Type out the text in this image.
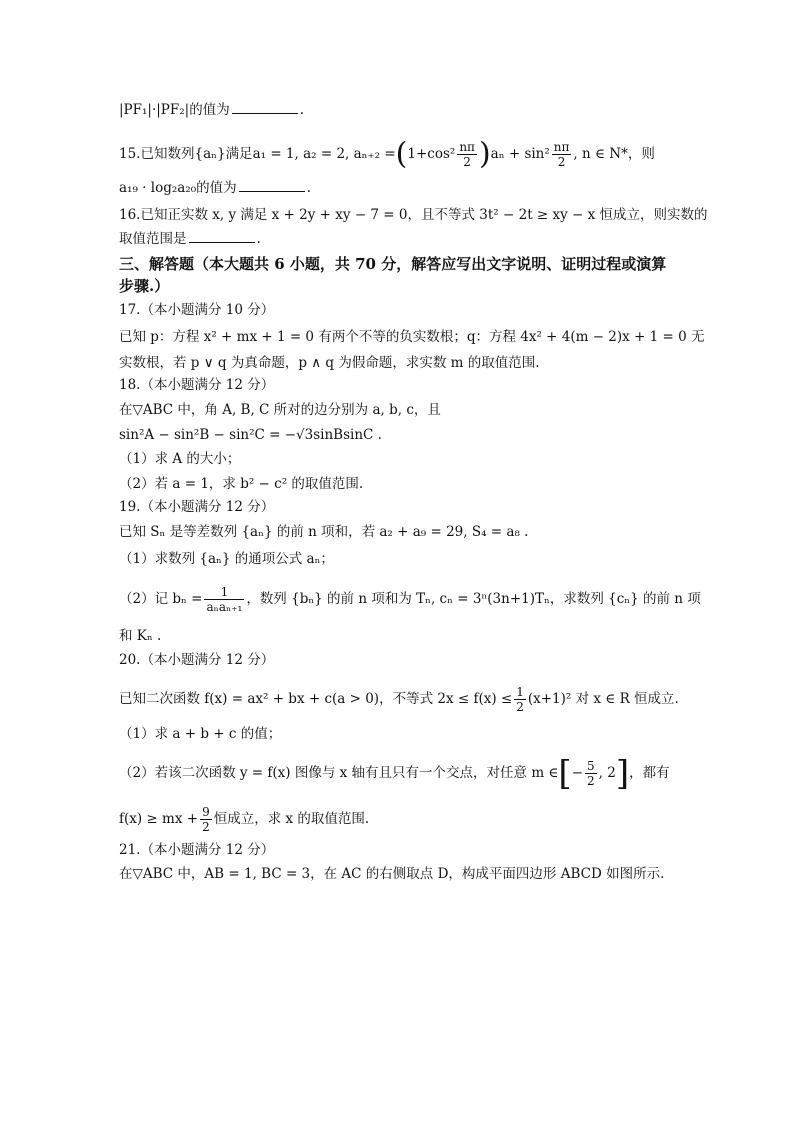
|PF₁|·|PF₂|的值为	.
15.已知数列{aₙ}满足a₁ = 1, a₂ = 2, $a_{n+2} =(1+\cos^2 \frac{n\pi}{2} )a_n + \sin^2 \frac{n\pi}{2}$ , n ∈ N*，则
a₁₉ · log₂a₂₀的值为	.
16.已知正实数 x, y 满足 x + 2y + xy − 7 = 0，且不等式 3t² − 2t ≥ xy − x 恒成立，则实数的
取值范围是	.
三、解答题（本大题共 6 小题，共 70 分，解答应写出文字说明、证明过程或演算
步骤.）
17.（本小题满分 10 分）
已知 p：方程 x² + mx + 1 = 0 有两个不等的负实数根；q：方程 4x² + 4(m − 2)x + 1 = 0 无
实数根，若 p ∨ q 为真命题，p ∧ q 为假命题，求实数 m 的取值范围.
18.（本小题满分 12 分）
在▽ABC 中，角 A, B, C 所对的边分别为 a, b, c，且
sin²A − sin²B − sin²C = −√3sinBsinC .
（1）求 A 的大小；
（2）若 a = 1，求 b² − c² 的取值范围.
19.（本小题满分 12 分）
已知 Sₙ 是等差数列 {aₙ} 的前 n 项和，若 a₂ + a₉ = 29, S₄ = a₈ .
（1）求数列 {aₙ} 的通项公式 aₙ；
（2）记 $b_n = \frac{1}{\text{aₙaₙ₊₁}}$ ，数列 {bₙ} 的前 n 项和为 Tₙ, cₙ = 3ⁿ(3n+1)Tₙ，求数列 {cₙ} 的前 n 项
和 Kₙ .
20.（本小题满分 12 分）
已知二次函数 f(x) = ax² + bx + c(a > 0)，不等式 $2x \le f(x) \le \frac{1}{2} (x+1)^2$ 对 x ∈ R 恒成立.
（1）求 a + b + c 的值；
（2）若该二次函数 y = f(x) 图像与 x 轴有且只有一个交点，对任意 m ∈[− $\frac{5}{2}$ , 2]，都有
f(x) ≥ mx + $\frac{9}{2}$ 恒成立，求 x 的取值范围.
21.（本小题满分 12 分）
在▽ABC 中，AB = 1, BC = 3，在 AC 的右侧取点 D，构成平面四边形 ABCD 如图所示.
